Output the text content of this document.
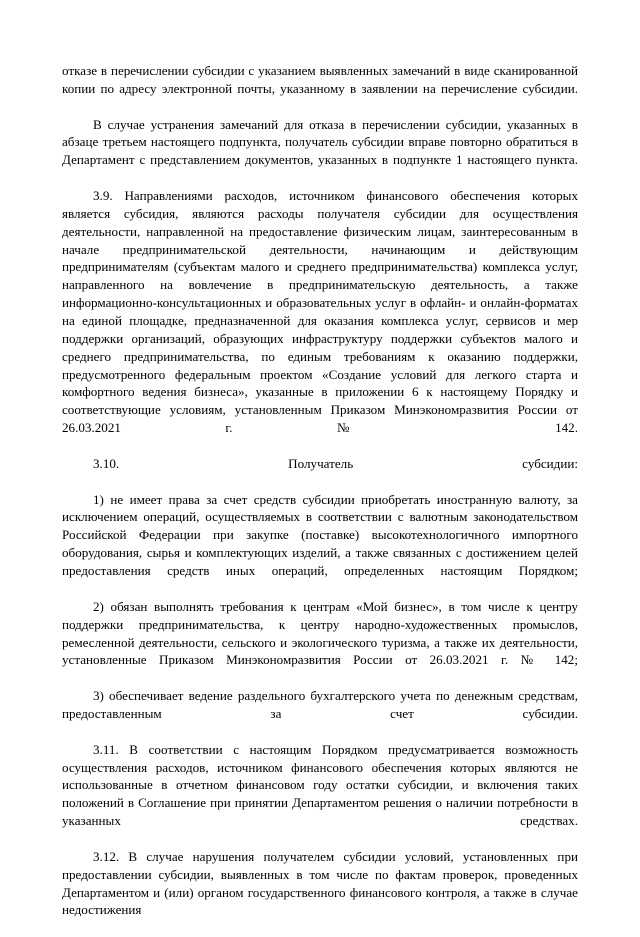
отказе в перечислении субсидии с указанием выявленных замечаний в виде сканированной копии по адресу электронной почты, указанному в заявлении на перечисление субсидии.

В случае устранения замечаний для отказа в перечислении субсидии, указанных в абзаце третьем настоящего подпункта, получатель субсидии вправе повторно обратиться в Департамент с представлением документов, указанных в подпункте 1 настоящего пункта.

3.9. Направлениями расходов, источником финансового обеспечения которых является субсидия, являются расходы получателя субсидии для осуществления деятельности, направленной на предоставление физическим лицам, заинтересованным в начале предпринимательской деятельности, начинающим и действующим предпринимателям (субъектам малого и среднего предпринимательства) комплекса услуг, направленного на вовлечение в предпринимательскую деятельность, а также информационно-консультационных и образовательных услуг в офлайн- и онлайн-форматах на единой площадке, предназначенной для оказания комплекса услуг, сервисов и мер поддержки организаций, образующих инфраструктуру поддержки субъектов малого и среднего предпринимательства, по единым требованиям к оказанию поддержки, предусмотренного федеральным проектом «Создание условий для легкого старта и комфортного ведения бизнеса», указанные в приложении 6 к настоящему Порядку и соответствующие условиям, установленным Приказом Минэкономразвития России от 26.03.2021 г. № 142.

3.10. Получатель субсидии:

1) не имеет права за счет средств субсидии приобретать иностранную валюту, за исключением операций, осуществляемых в соответствии с валютным законодательством Российской Федерации при закупке (поставке) высокотехнологичного импортного оборудования, сырья и комплектующих изделий, а также связанных с достижением целей предоставления средств иных операций, определенных настоящим Порядком;

2) обязан выполнять требования к центрам «Мой бизнес», в том числе к центру поддержки предпринимательства, к центру народно-художественных промыслов, ремесленной деятельности, сельского и экологического туризма, а также их деятельности, установленные Приказом Минэкономразвития России от 26.03.2021 г. № 142;

3) обеспечивает ведение раздельного бухгалтерского учета по денежным средствам, предоставленным за счет субсидии.

3.11. В соответствии с настоящим Порядком предусматривается возможность осуществления расходов, источником финансового обеспечения которых являются не использованные в отчетном финансовом году остатки субсидии, и включения таких положений в Соглашение при принятии Департаментом решения о наличии потребности в указанных средствах.

3.12. В случае нарушения получателем субсидии условий, установленных при предоставлении субсидии, выявленных в том числе по фактам проверок, проведенных Департаментом и (или) органом государственного финансового контроля, а также в случае недостижения
